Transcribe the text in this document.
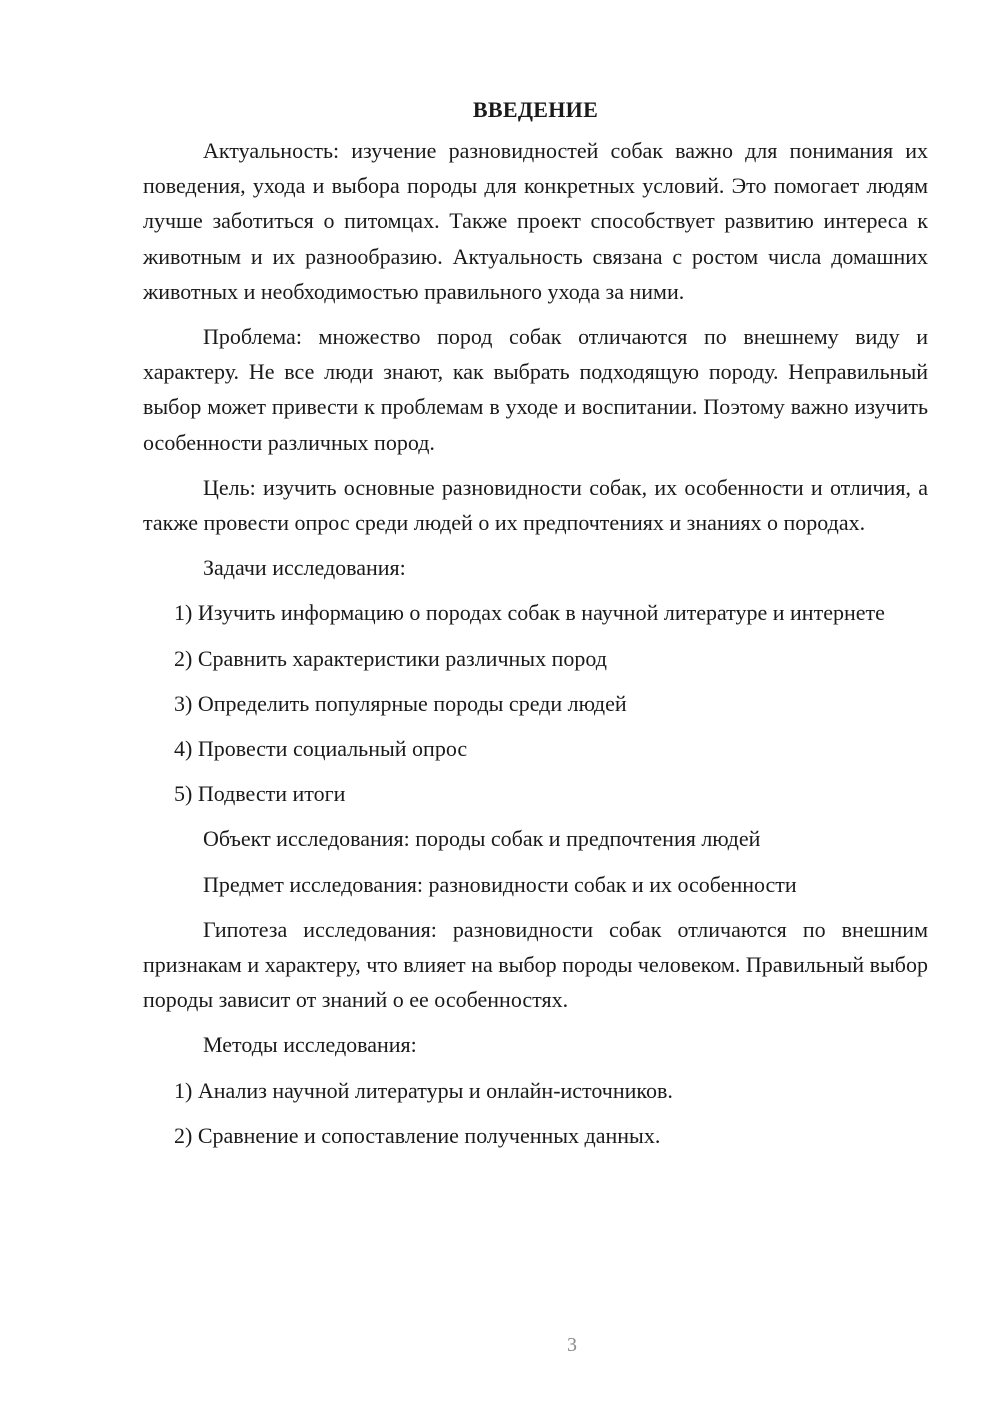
ВВЕДЕНИЕ

Актуальность: изучение разновидностей собак важно для понимания их поведения, ухода и выбора породы для конкретных условий. Это помогает людям лучше заботиться о питомцах. Также проект способствует развитию интереса к животным и их разнообразию. Актуальность связана с ростом числа домашних животных и необходимостью правильного ухода за ними.

Проблема: множество пород собак отличаются по внешнему виду и характеру. Не все люди знают, как выбрать подходящую породу. Неправильный выбор может привести к проблемам в уходе и воспитании. Поэтому важно изучить особенности различных пород.

Цель: изучить основные разновидности собак, их особенности и отличия, а также провести опрос среди людей о их предпочтениях и знаниях о породах.

Задачи исследования:

1) Изучить информацию о породах собак в научной литературе и интернете

2) Сравнить характеристики различных пород

3) Определить популярные породы среди людей

4) Провести социальный опрос

5) Подвести итоги

Объект исследования: породы собак и предпочтения людей

Предмет исследования: разновидности собак и их особенности

Гипотеза исследования: разновидности собак отличаются по внешним признакам и характеру, что влияет на выбор породы человеком. Правильный выбор породы зависит от знаний о ее особенностях.

Методы исследования:

1) Анализ научной литературы и онлайн-источников.

2) Сравнение и сопоставление полученных данных.

3
